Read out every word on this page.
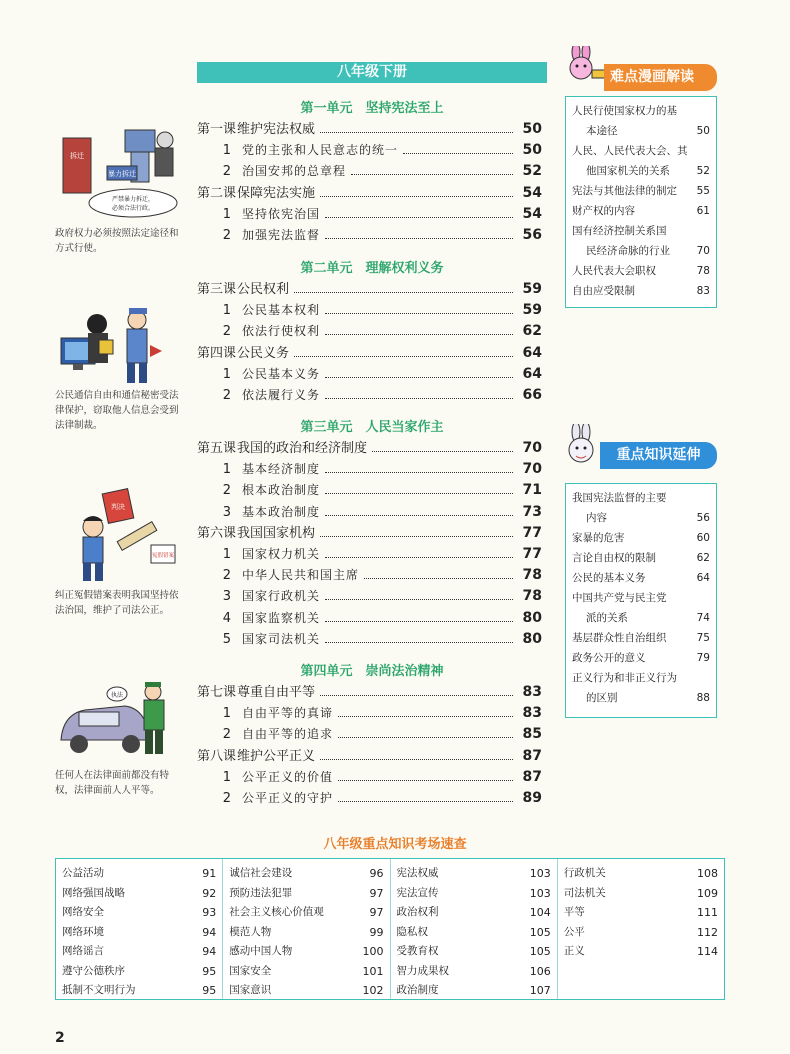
八年级下册
第一单元　坚持宪法至上
第一课 维护宪法权威	50
1 党的主张和人民意志的统一	50
2 治国安邦的总章程	52
第二课 保障宪法实施	54
1 坚持依宪治国	54
2 加强宪法监督	56
第二单元　理解权利义务
第三课 公民权利	59
1 公民基本权利	59
2 依法行使权利	62
第四课 公民义务	64
1 公民基本义务	64
2 依法履行义务	66
第三单元　人民当家作主
第五课 我国的政治和经济制度	70
1 基本经济制度	70
2 根本政治制度	71
3 基本政治制度	73
第六课 我国国家机构	77
1 国家权力机关	77
2 中华人民共和国主席	78
3 国家行政机关	78
4 国家监察机关	80
5 国家司法机关	80
第四单元　崇尚法治精神
第七课 尊重自由平等	83
1 自由平等的真谛	83
2 自由平等的追求	85
第八课 维护公平正义	87
1 公平正义的价值	87
2 公平正义的守护	89
拆迁
暴力拆迁
严禁暴力拆迁，
必须合法行政。
政府权力必须按照法定途径和方式行使。
公民通信自由和通信秘密受法律保护，窃取他人信息会受到法律制裁。
判决
冤假错案
纠正冤假错案表明我国坚持依法治国，维护了司法公正。
执法
任何人在法律面前都没有特权，法律面前人人平等。
难点漫画解读
人民行使国家权力的基
本途径	50
人民、人民代表大会、其
他国家机关的关系	52
宪法与其他法律的制定	55
财产权的内容	61
国有经济控制关系国
民经济命脉的行业	70
人民代表大会职权	78
自由应受限制	83
重点知识延伸
我国宪法监督的主要
内容	56
家暴的危害	60
言论自由权的限制	62
公民的基本义务	64
中国共产党与民主党
派的关系	74
基层群众性自治组织	75
政务公开的意义	79
正义行为和非正义行为
的区别	88
八年级重点知识考场速查
公益活动	91
网络强国战略	92
网络安全	93
网络环境	94
网络谣言	94
遵守公德秩序	95
抵制不文明行为	95
诚信社会建设	96
预防违法犯罪	97
社会主义核心价值观	97
模范人物	99
感动中国人物	100
国家安全	101
国家意识	102
宪法权威	103
宪法宣传	103
政治权利	104
隐私权	105
受教育权	105
智力成果权	106
政治制度	107
行政机关	108
司法机关	109
平等	111
公平	112
正义	114
2
